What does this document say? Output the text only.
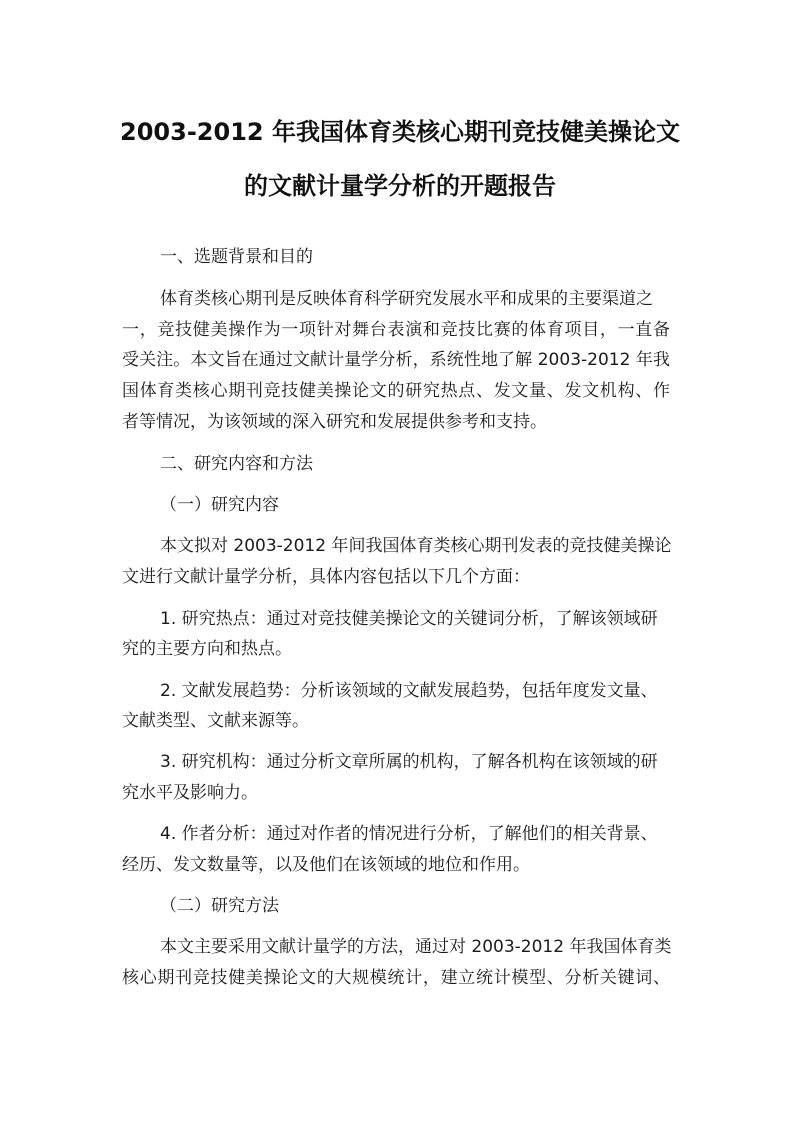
2003-2012 年我国体育类核心期刊竞技健美操论文
的文献计量学分析的开题报告
一、选题背景和目的
体育类核心期刊是反映体育科学研究发展水平和成果的主要渠道之
一，竞技健美操作为一项针对舞台表演和竞技比赛的体育项目，一直备
受关注。本文旨在通过文献计量学分析，系统性地了解 2003-2012 年我
国体育类核心期刊竞技健美操论文的研究热点、发文量、发文机构、作
者等情况，为该领域的深入研究和发展提供参考和支持。
二、研究内容和方法
（一）研究内容
本文拟对 2003-2012 年间我国体育类核心期刊发表的竞技健美操论
文进行文献计量学分析，具体内容包括以下几个方面：
1. 研究热点：通过对竞技健美操论文的关键词分析，了解该领域研
究的主要方向和热点。
2. 文献发展趋势：分析该领域的文献发展趋势，包括年度发文量、
文献类型、文献来源等。
3. 研究机构：通过分析文章所属的机构，了解各机构在该领域的研
究水平及影响力。
4. 作者分析：通过对作者的情况进行分析，了解他们的相关背景、
经历、发文数量等，以及他们在该领域的地位和作用。
（二）研究方法
本文主要采用文献计量学的方法，通过对 2003-2012 年我国体育类
核心期刊竞技健美操论文的大规模统计，建立统计模型、分析关键词、
